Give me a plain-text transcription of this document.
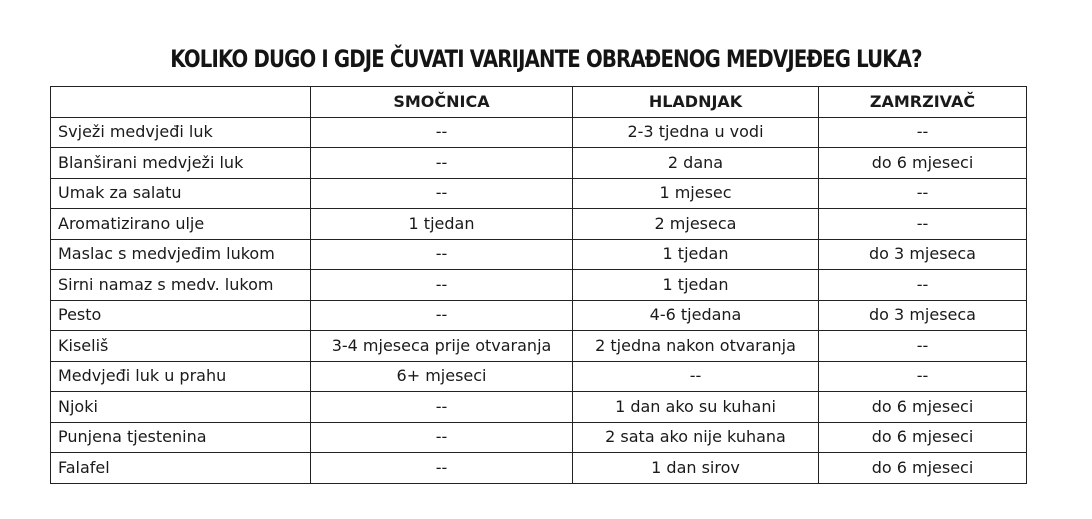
KOLIKO DUGO I GDJE ČUVATI VARIJANTE OBRAĐENOG MEDVJEĐEG LUKA?
	SMOČNICA	HLADNJAK	ZAMRZIVAČ
Svježi medvjeđi luk	--	2-3 tjedna u vodi	--
Blanširani medvježi luk	--	2 dana	do 6 mjeseci
Umak za salatu	--	1 mjesec	--
Aromatizirano ulje	1 tjedan	2 mjeseca	--
Maslac s medvjeđim lukom	--	1 tjedan	do 3 mjeseca
Sirni namaz s medv. lukom	--	1 tjedan	--
Pesto	--	4-6 tjedana	do 3 mjeseca
Kiseliš	3-4 mjeseca prije otvaranja	2 tjedna nakon otvaranja	--
Medvjeđi luk u prahu	6+ mjeseci	--	--
Njoki	--	1 dan ako su kuhani	do 6 mjeseci
Punjena tjestenina	--	2 sata ako nije kuhana	do 6 mjeseci
Falafel	--	1 dan sirov	do 6 mjeseci
